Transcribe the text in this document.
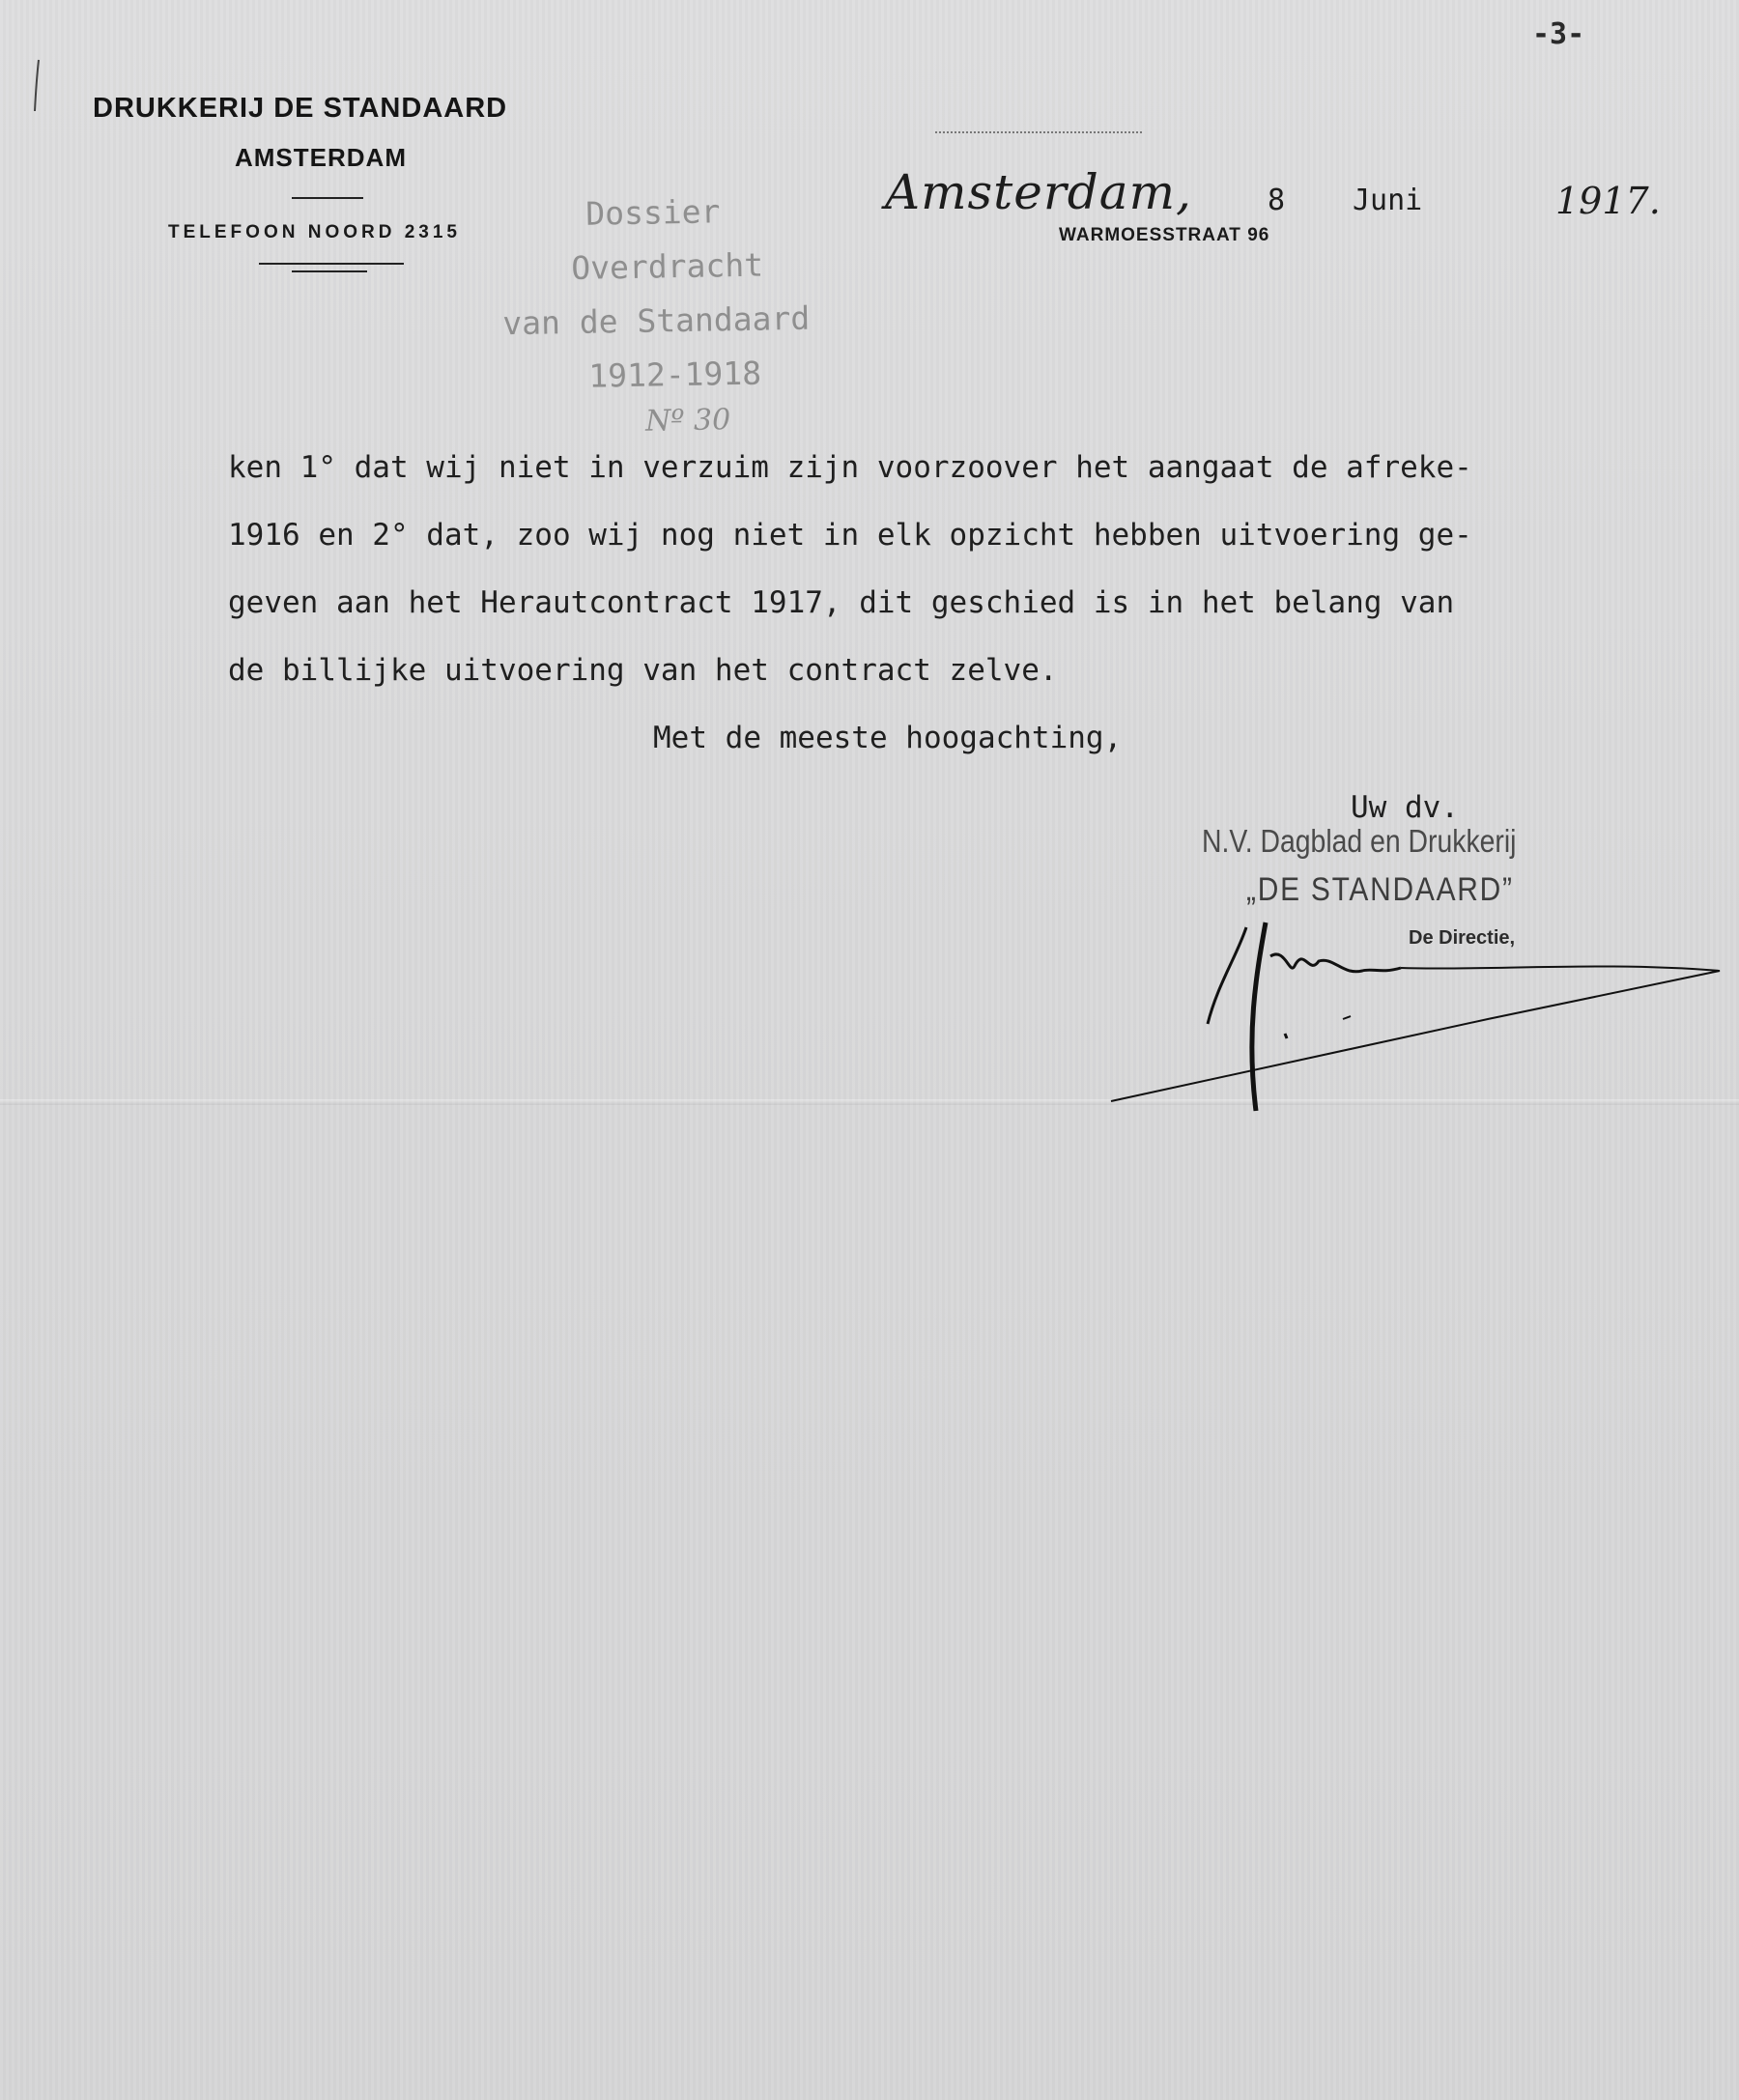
-3-
DRUKKERIJ DE STANDAARD
AMSTERDAM
TELEFOON NOORD 2315
Amsterdam,	8 Juni	1917.
WARMOESSTRAAT 96
Dossier
Overdracht
van de Standaard
1912-1918
Nº 30
ken 1° dat wij niet in verzuim zijn voorzoover het aangaat de afreke-
1916 en 2° dat, zoo wij nog niet in elk opzicht hebben uitvoering ge-
geven aan het Herautcontract 1917, dit geschied is in het belang van
de billijke uitvoering van het contract zelve.
Met de meeste hoogachting,
Uw dv.
N.V. Dagblad en Drukkerij
„DE STANDAARD”
De Directie,
